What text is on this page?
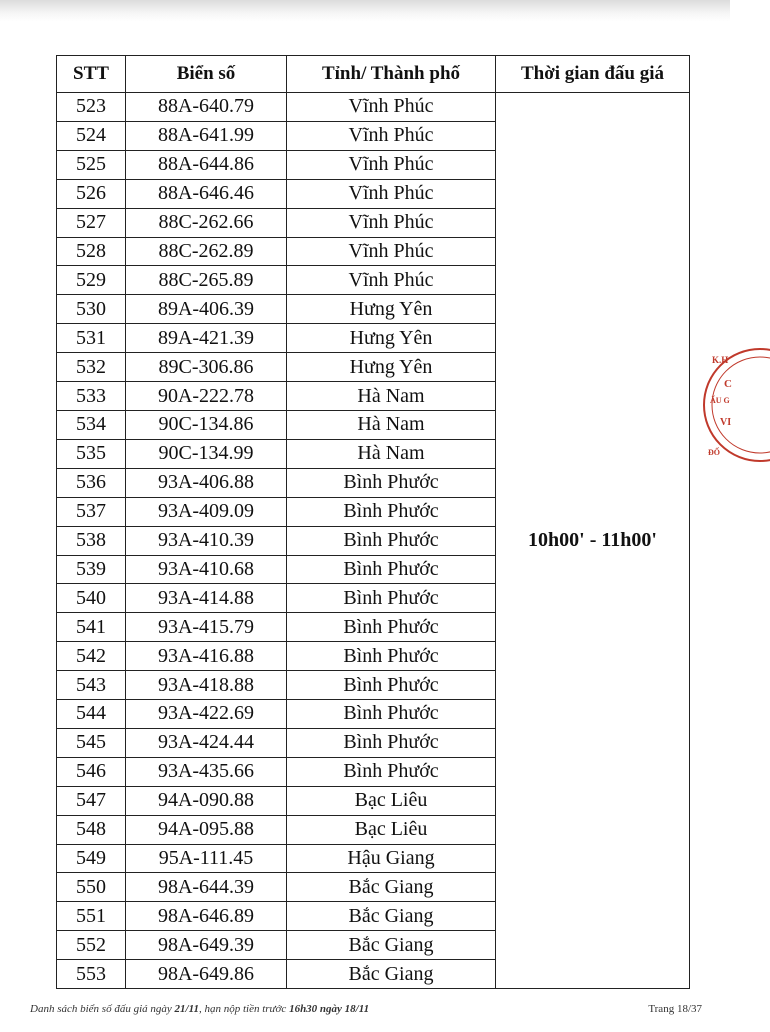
STT	Biển số	Tỉnh/ Thành phố	Thời gian đấu giá
523	88A-640.79	Vĩnh Phúc	10h00' - 11h00'
524	88A-641.99	Vĩnh Phúc	
525	88A-644.86	Vĩnh Phúc	
526	88A-646.46	Vĩnh Phúc	
527	88C-262.66	Vĩnh Phúc	
528	88C-262.89	Vĩnh Phúc	
529	88C-265.89	Vĩnh Phúc	
530	89A-406.39	Hưng Yên	
531	89A-421.39	Hưng Yên	
532	89C-306.86	Hưng Yên	
533	90A-222.78	Hà Nam	
534	90C-134.86	Hà Nam	
535	90C-134.99	Hà Nam	
536	93A-406.88	Bình Phước	
537	93A-409.09	Bình Phước	
538	93A-410.39	Bình Phước	
539	93A-410.68	Bình Phước	
540	93A-414.88	Bình Phước	
541	93A-415.79	Bình Phước	
542	93A-416.88	Bình Phước	
543	93A-418.88	Bình Phước	
544	93A-422.69	Bình Phước	
545	93A-424.44	Bình Phước	
546	93A-435.66	Bình Phước	
547	94A-090.88	Bạc Liêu	
548	94A-095.88	Bạc Liêu	
549	95A-111.45	Hậu Giang	
550	98A-644.39	Bắc Giang	
551	98A-646.89	Bắc Giang	
552	98A-649.39	Bắc Giang	
553	98A-649.86	Bắc Giang	
Danh sách biển số đấu giá ngày 21/11, hạn nộp tiền trước 16h30 ngày 18/11	Trang 18/37
K.H
C
ẤU G
VI
ĐỐ
